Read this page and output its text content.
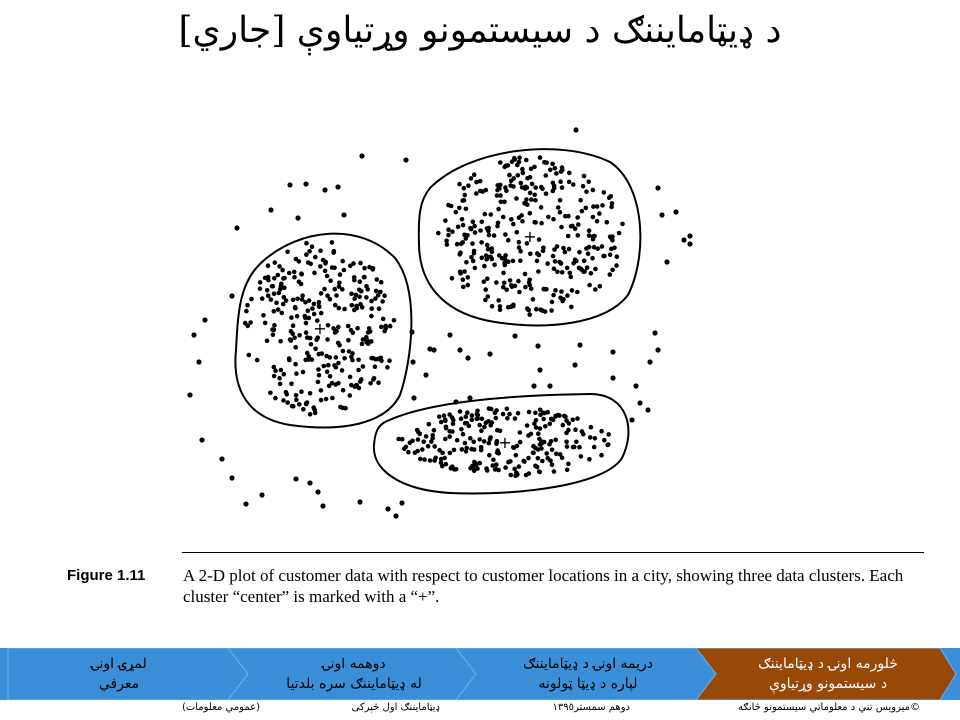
د ډيټامايننګ د سيستمونو وړتياوې [جاري]
+
+
+
Figure 1.11 A 2-D plot of customer data with respect to customer locations in a city, showing three data clusters. Each cluster “center” is marked with a “+”.
څلورمه اونۍ د ډيټامايننګ
د سيستمونو وړتياوې
دريمه اونۍ د ډيټامايننګ
لپاره د ډيټا ټولونه
دوهمه اونۍ
له ډيټامايننګ سره بلدتيا
لمړۍ اونۍ
معرفي
©ميرويس تني د معلوماتي سيستمونو څانګه
دوهم سمستر١٣٩٥
ډيټامايننګ اول څپرکی
(عمومي معلومات)
